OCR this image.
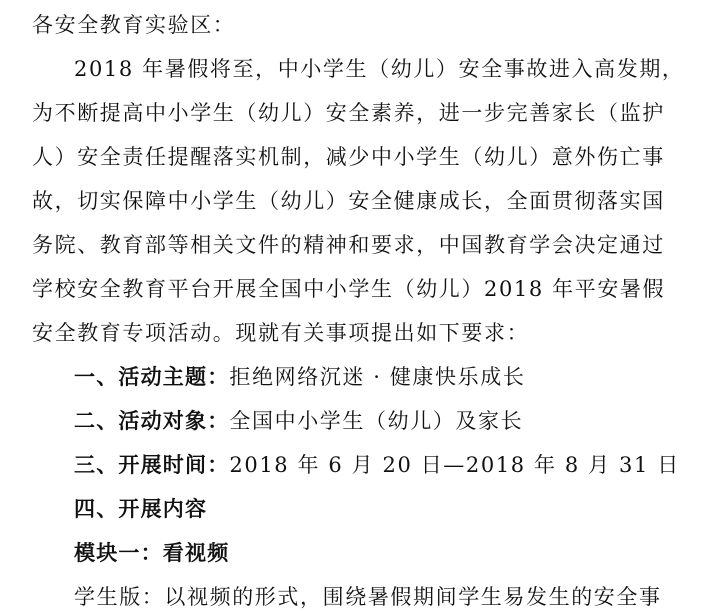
各安全教育实验区：
2018 年暑假将至，中小学生（幼儿）安全事故进入高发期，
为不断提高中小学生（幼儿）安全素养，进一步完善家长（监护
人）安全责任提醒落实机制，减少中小学生（幼儿）意外伤亡事
故，切实保障中小学生（幼儿）安全健康成长，全面贯彻落实国
务院、教育部等相关文件的精神和要求，中国教育学会决定通过
学校安全教育平台开展全国中小学生（幼儿）2018 年平安暑假
安全教育专项活动。现就有关事项提出如下要求：
一、活动主题：拒绝网络沉迷 · 健康快乐成长
二、活动对象：全国中小学生（幼儿）及家长
三、开展时间：2018 年 6 月 20 日—2018 年 8 月 31 日
四、开展内容
模块一：看视频
学生版：以视频的形式，围绕暑假期间学生易发生的安全事
